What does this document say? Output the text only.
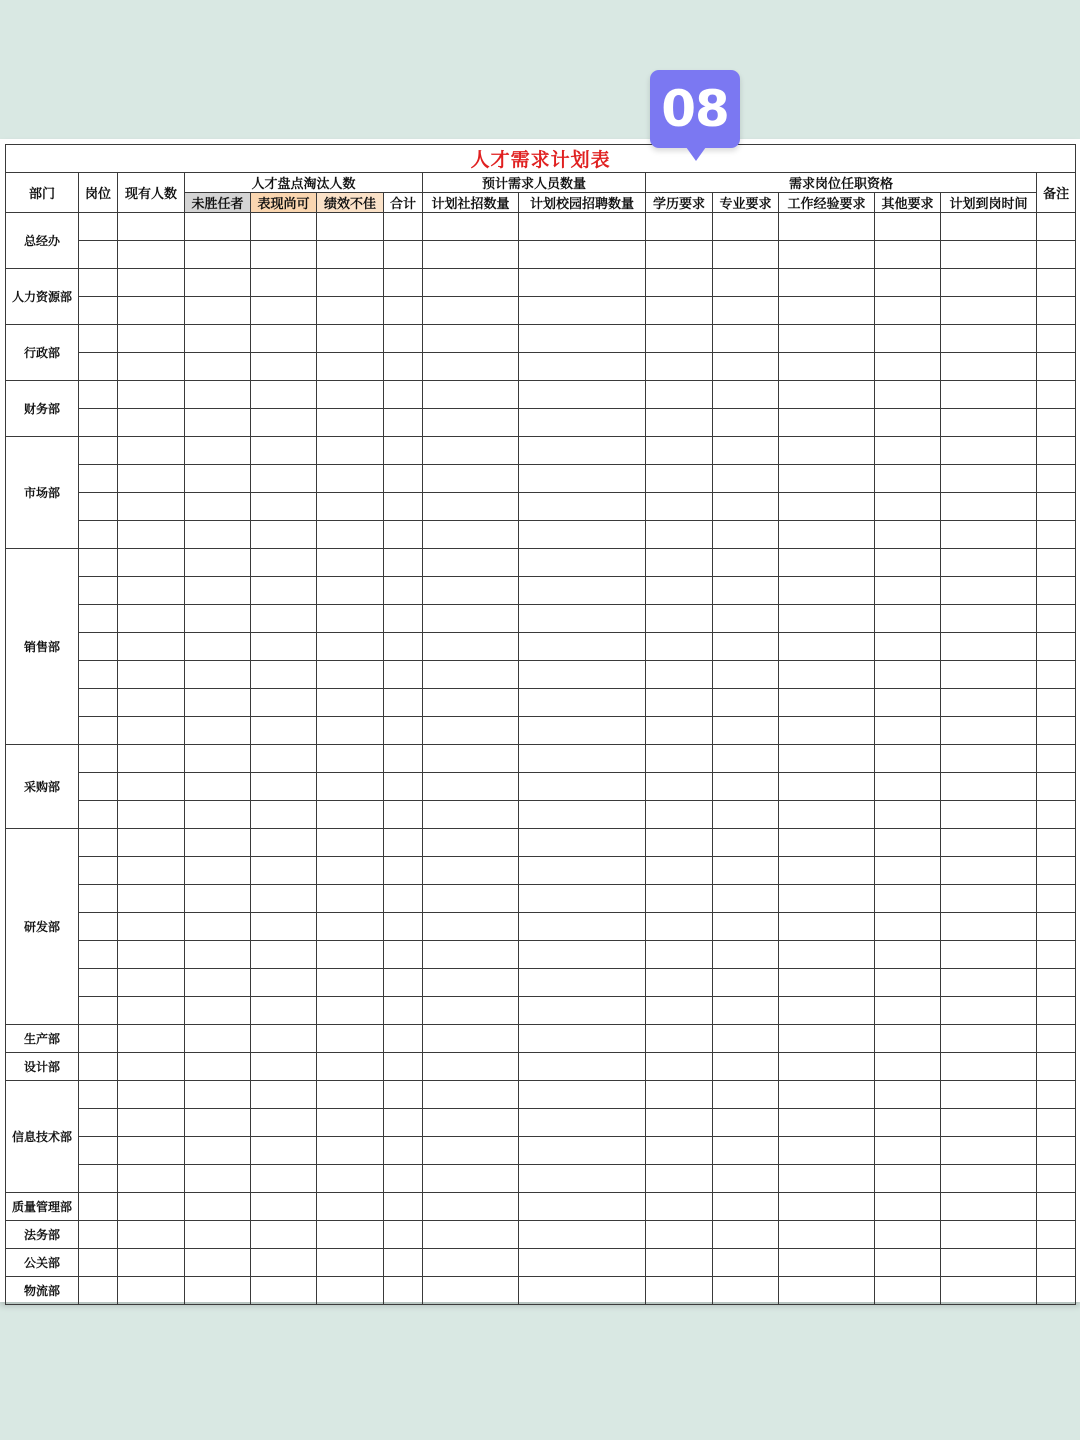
08
人才需求计划表														
部门	岗位	现有人数	人才盘点淘汰人数				预计需求人员数量		需求岗位任职资格					备注
			未胜任者	表现尚可	绩效不佳	合计	计划社招数量	计划校园招聘数量	学历要求	专业要求	工作经验要求	其他要求	计划到岗时间	
总经办														

人力资源部														

行政部														

财务部														

市场部														

销售部														

采购部														

研发部														

生产部														
设计部														
信息技术部														

质量管理部														
法务部														
公关部														
物流部														
